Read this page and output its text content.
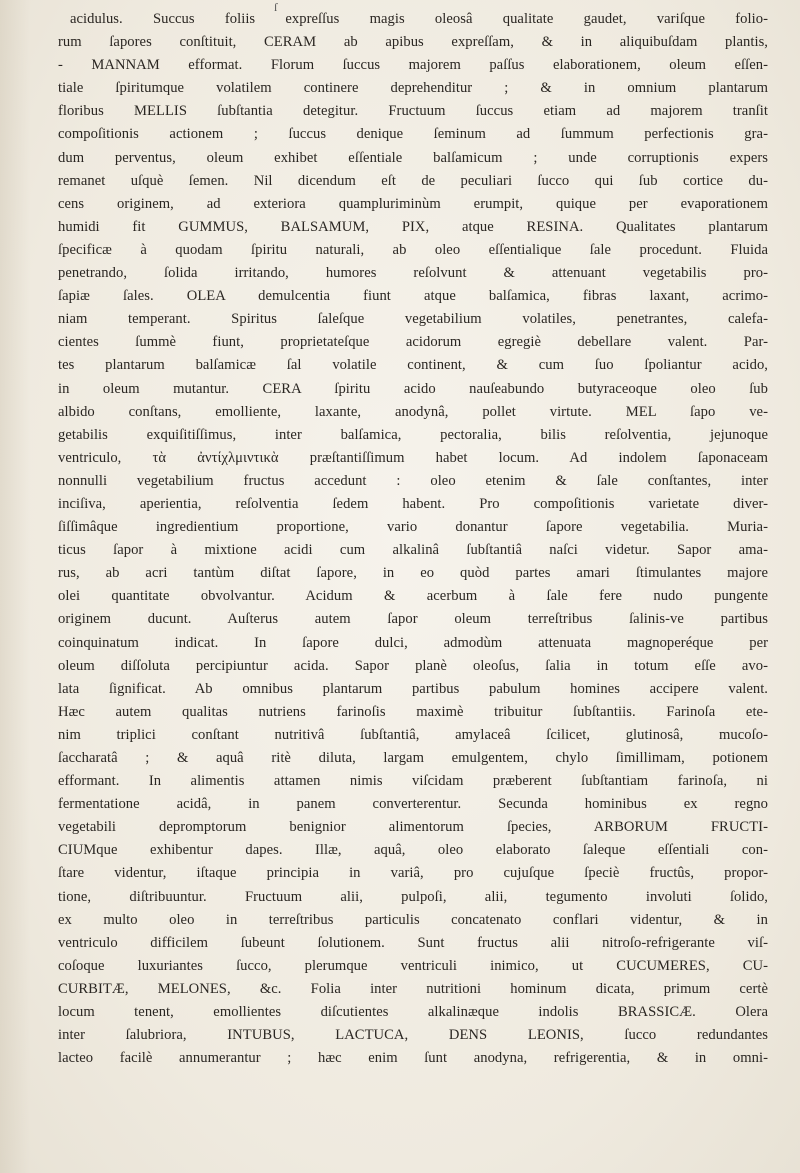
ſ
acidulus. Succus foliis expreſſus magis oleosâ qualitate gaudet, variſque folio-
rum ſapores conſtituit, CERAM ab apibus expreſſam, & in aliquibuſdam plantis,
- MANNAM efformat. Florum ſuccus majorem paſſus elaborationem, oleum eſſen-
tiale ſpiritumque volatilem continere deprehenditur ; & in omnium plantarum
floribus MELLIS ſubſtantia detegitur. Fructuum ſuccus etiam ad majorem tranſit
compoſitionis actionem ; ſuccus denique ſeminum ad ſummum perfectionis gra-
dum perventus, oleum exhibet eſſentiale balſamicum ; unde corruptionis expers
remanet uſquè ſemen. Nil dicendum eſt de peculiari ſucco qui ſub cortice du-
cens originem, ad exteriora quampluriminùm erumpit, quique per evaporationem
humidi fit GUMMUS, BALSAMUM, PIX, atque RESINA. Qualitates plantarum
ſpecificæ à quodam ſpiritu naturali, ab oleo eſſentialique ſale procedunt. Fluida
penetrando, ſolida irritando, humores reſolvunt & attenuant vegetabilis pro-
ſapiæ ſales. OLEA demulcentia fiunt atque balſamica, fibras laxant, acrimo-
niam temperant. Spiritus ſaleſque vegetabilium volatiles, penetrantes, calefa-
cientes ſummè fiunt, proprietateſque acidorum egregiè debellare valent. Par-
tes plantarum balſamicæ ſal volatile continent, & cum ſuo ſpoliantur acido,
in oleum mutantur. CERA ſpiritu acido nauſeabundo butyraceoque oleo ſub
albido conſtans, emolliente, laxante, anodynâ, pollet virtute. MEL ſapo ve-
getabilis exquiſitiſſimus, inter balſamica, pectoralia, bilis reſolventia, jejunoque
ventriculo, τὰ ἀντίχλμιντικὰ præſtantiſſimum habet locum. Ad indolem ſaponaceam
nonnulli vegetabilium fructus accedunt : oleo etenim & ſale conſtantes, inter
inciſiva, aperientia, reſolventia ſedem habent. Pro compoſitionis varietate diver-
ſiſſimâque ingredientium proportione, vario donantur ſapore vegetabilia. Muria-
ticus ſapor à mixtione acidi cum alkalinâ ſubſtantiâ naſci videtur. Sapor ama-
rus, ab acri tantùm diſtat ſapore, in eo quòd partes amari ſtimulantes majore
olei quantitate obvolvantur. Acidum & acerbum à ſale fere nudo pungente
originem ducunt. Auſterus autem ſapor oleum terreſtribus ſalinis-ve partibus
coinquinatum indicat. In ſapore dulci, admodùm attenuata magnoperéque per
oleum diſſoluta percipiuntur acida. Sapor planè oleoſus, ſalia in totum eſſe avo-
lata ſignificat. Ab omnibus plantarum partibus pabulum homines accipere valent.
Hæc autem qualitas nutriens farinoſis maximè tribuitur ſubſtantiis. Farinoſa ete-
nim triplici conſtant nutritivâ ſubſtantiâ, amylaceâ ſcilicet, glutinosâ, mucoſo-
ſaccharatâ ; & aquâ ritè diluta, largam emulgentem, chylo ſimillimam, potionem
efformant. In alimentis attamen nimis viſcidam præberent ſubſtantiam farinoſa, ni
fermentatione acidâ, in panem converterentur. Secunda hominibus ex regno
vegetabili depromptorum benignior alimentorum ſpecies, ARBORUM FRUCTI-
CIUMque exhibentur dapes. Illæ, aquâ, oleo elaborato ſaleque eſſentiali con-
ſtare videntur, iſtaque principia in variâ, pro cujuſque ſpeciè fructûs, propor-
tione, diſtribuuntur. Fructuum alii, pulpoſi, alii, tegumento involuti ſolido,
ex multo oleo in terreſtribus particulis concatenato conflari videntur, & in
ventriculo difficilem ſubeunt ſolutionem. Sunt fructus alii nitroſo-refrigerante viſ-
coſoque luxuriantes ſucco, plerumque ventriculi inimico, ut CUCUMERES, CU-
CURBITÆ, MELONES, &c. Folia inter nutritioni hominum dicata, primum certè
locum tenent, emollientes diſcutientes alkalinæque indolis BRASSICÆ. Olera
inter ſalubriora, INTUBUS, LACTUCA, DENS LEONIS, ſucco redundantes
lacteo facilè annumerantur ; hæc enim ſunt anodyna, refrigerentia, & in omni-
